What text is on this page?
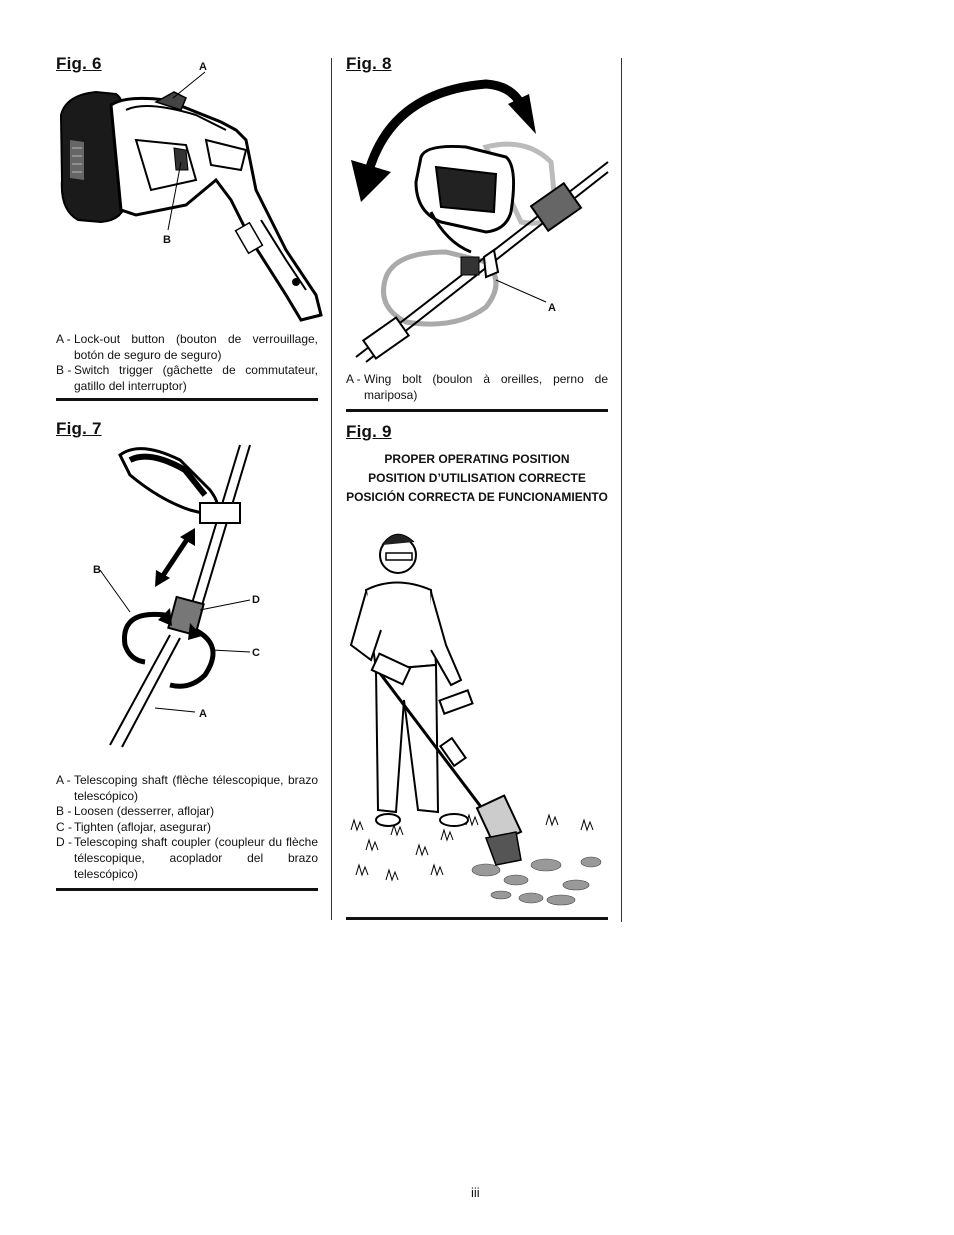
Fig. 6	A
B
A - Lock-out button (bouton de verrouillage, botón de seguro de seguro)
B - Switch trigger (gâchette de commutateur, gatillo del interruptor)
Fig. 7
B
D
C
A
A - Telescoping shaft (flèche télescopique, brazo telescópico)
B - Loosen (desserrer, aflojar)
C - Tighten (aflojar, asegurar)
D - Telescoping shaft coupler (coupleur du flèche télescopique, acoplador del brazo telescópico)
Fig. 8
A
A - Wing bolt (boulon à oreilles, perno de mariposa)
Fig. 9
PROPER OPERATING POSITION
POSITION D’UTILISATION CORRECTE
POSICIÓN CORRECTA DE FUNCIONAMIENTO
iii
